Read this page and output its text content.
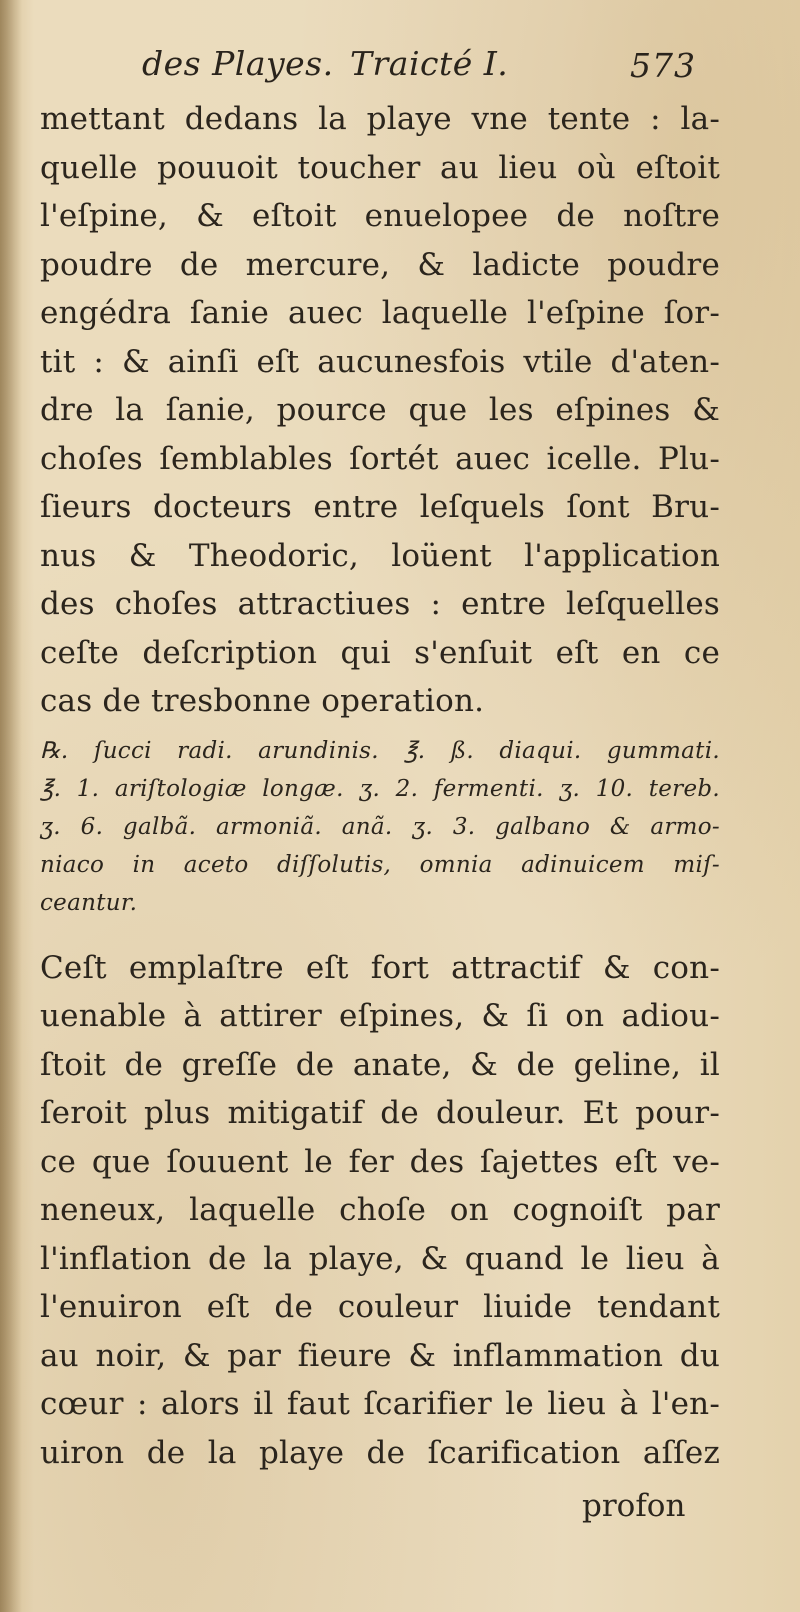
des Playes. Traicté I.	573
mettant dedans la playe vne tente : la-
quelle pouuoit toucher au lieu où eſtoit
l'eſpine, & eſtoit enuelopee de noſtre
poudre de mercure, & ladicte poudre
engédra ſanie auec laquelle l'eſpine ſor-
tit : & ainſi eſt aucunesfois vtile d'aten-
dre la ſanie, pource que les eſpines &
choſes ſemblables ſortét auec icelle. Plu-
ſieurs docteurs entre leſquels ſont Bru-
nus & Theodoric, loüent l'application
des choſes attractiues : entre leſquelles
ceſte deſcription qui s'enſuit eſt en ce
cas de tresbonne operation.
℞. ſucci radi. arundinis. ℥. ß. diaqui. gummati.
℥. 1. ariſtologiæ longæ. ʒ. 2. fermenti. ʒ. 10. tereb.
ʒ. 6. galbã. armoniã. anã. ʒ. 3. galbano & armo-
niaco in aceto diſſolutis, omnia adinuicem miſ-
ceantur.
Ceſt emplaſtre eſt fort attractif & con-
uenable à attirer eſpines, & ſi on adiou-
ſtoit de greſſe de anate, & de geline, il
ſeroit plus mitigatif de douleur. Et pour-
ce que ſouuent le fer des ſajettes eſt ve-
neneux, laquelle choſe on cognoiſt par
l'inflation de la playe, & quand le lieu à
l'enuiron eſt de couleur liuide tendant
au noir, & par fieure & inflammation du
cœur : alors il faut ſcarifier le lieu à l'en-
uiron de la playe de ſcarification aſſez
profon
